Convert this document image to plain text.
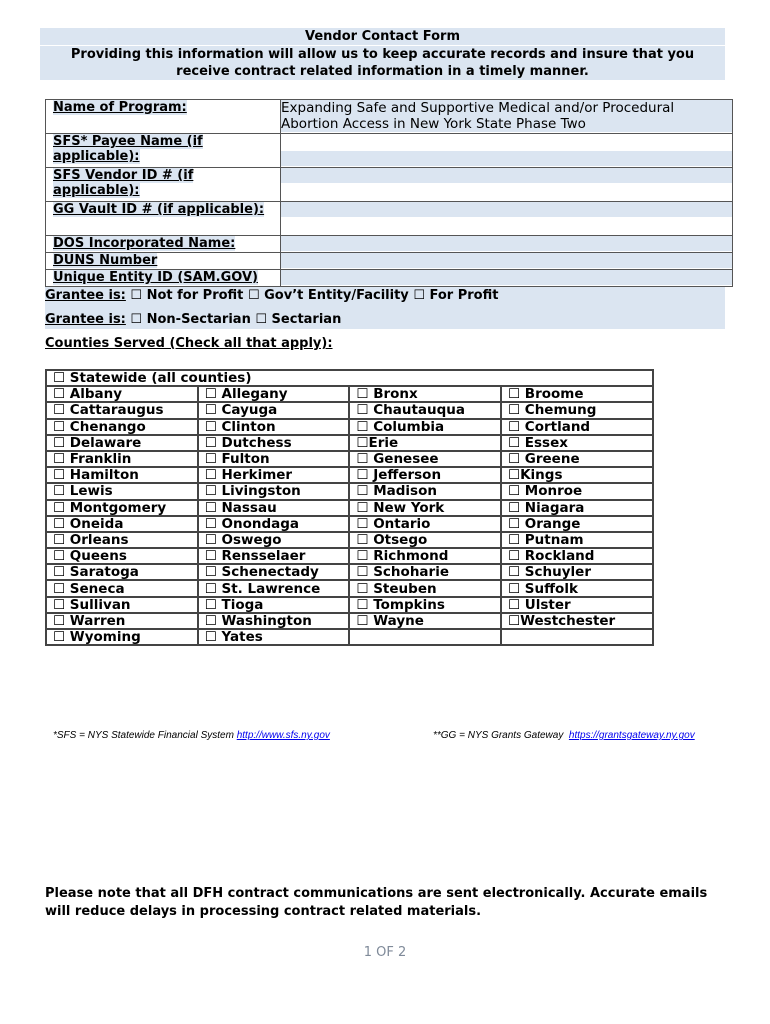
Vendor Contact Form
Providing this information will allow us to keep accurate records and insure that you receive contract related information in a timely manner.
Name of Program:	Expanding Safe and Supportive Medical and/or Procedural Abortion Access in New York State Phase Two

SFS* Payee Name (if applicable):	

SFS Vendor ID # (if applicable):	

GG Vault ID # (if applicable):	

DOS Incorporated Name:	

DUNS Number	

Unique Entity ID (SAM.GOV)	
Grantee is: ☐ Not for Profit ☐ Gov’t Entity/Facility ☐ For Profit
Grantee is: ☐ Non-Sectarian ☐ Sectarian
Counties Served (Check all that apply):
☐ Statewide (all counties)			
☐ Albany	☐ Allegany	☐ Bronx	☐ Broome
☐ Cattaraugus	☐ Cayuga	☐ Chautauqua	☐ Chemung
☐ Chenango	☐ Clinton	☐ Columbia	☐ Cortland
☐ Delaware	☐ Dutchess	☐Erie	☐ Essex
☐ Franklin	☐ Fulton	☐ Genesee	☐ Greene
☐ Hamilton	☐ Herkimer	☐ Jefferson	☐Kings
☐ Lewis	☐ Livingston	☐ Madison	☐ Monroe
☐ Montgomery	☐ Nassau	☐ New York	☐ Niagara
☐ Oneida	☐ Onondaga	☐ Ontario	☐ Orange
☐ Orleans	☐ Oswego	☐ Otsego	☐ Putnam
☐ Queens	☐ Rensselaer	☐ Richmond	☐ Rockland
☐ Saratoga	☐ Schenectady	☐ Schoharie	☐ Schuyler
☐ Seneca	☐ St. Lawrence	☐ Steuben	☐ Suffolk
☐ Sullivan	☐ Tioga	☐ Tompkins	☐ Ulster
☐ Warren	☐ Washington	☐ Wayne	☐Westchester
☐ Wyoming	☐ Yates		
*SFS = NYS Statewide Financial System http://www.sfs.ny.gov	**GG = NYS Grants Gateway https://grantsgateway.ny.gov
Please note that all DFH contract communications are sent electronically. Accurate emails will reduce delays in processing contract related materials.
1 OF 2
